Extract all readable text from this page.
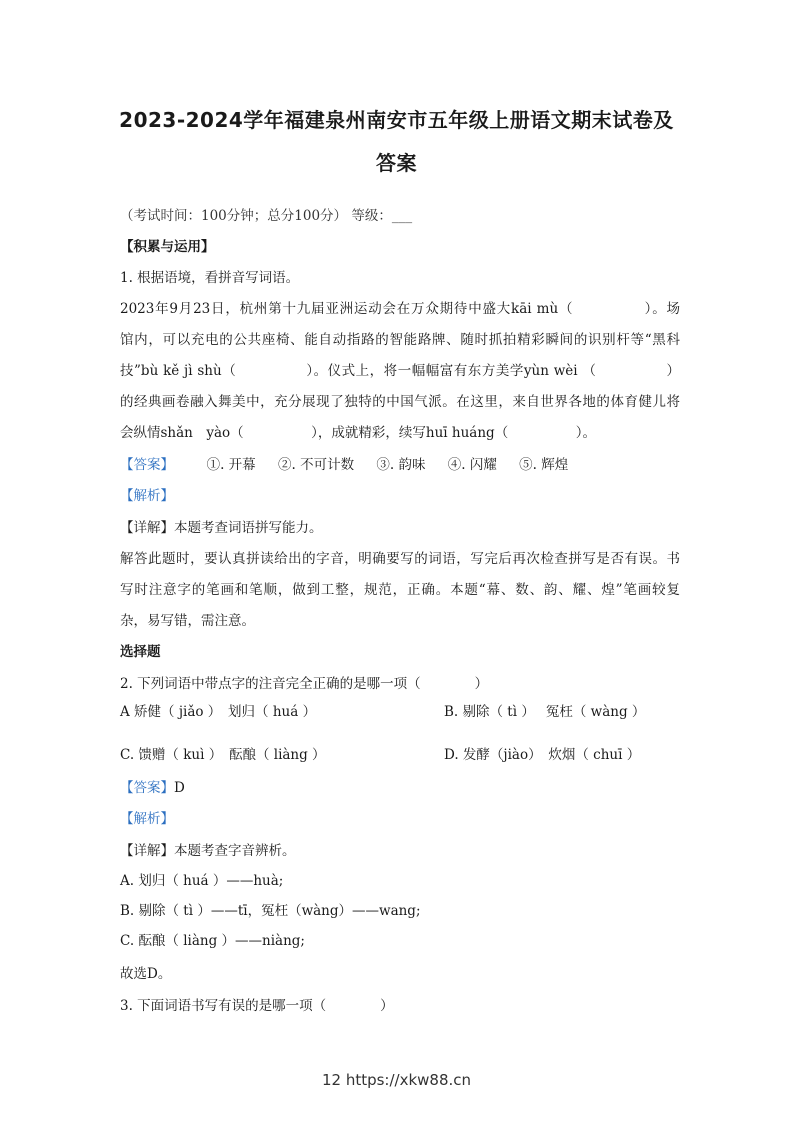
2023-2024学年福建泉州南安市五年级上册语文期末试卷及
答案
（考试时间：100分钟；总分100分） 等级：___
【积累与运用】
1. 根据语境，看拼音写词语。
2023年9月23日，杭州第十九届亚洲运动会在万众期待中盛大kāi mù（　　　　　）。场
馆内，可以充电的公共座椅、能自动指路的智能路牌、随时抓拍精彩瞬间的识别杆等“黑科
技”bù kě jì shù（　　　　　）。仪式上，将一幅幅富有东方美学yùn wèi （　　　　　）
的经典画卷融入舞美中，充分展现了独特的中国气派。在这里，来自世界各地的体育健儿将
会纵情shǎn　yào（　　　　　），成就精彩，续写huī huáng（　　　　　）。
【答案】 ①. 开幕 ②. 不可计数 ③. 韵味 ④. 闪耀 ⑤. 辉煌
【解析】
【详解】本题考查词语拼写能力。
解答此题时，要认真拼读给出的字音，明确要写的词语，写完后再次检查拼写是否有误。书
写时注意字的笔画和笔顺，做到工整，规范，正确。本题“幕、数、韵、耀、煌”笔画较复
杂，易写错，需注意。
选择题
2. 下列词语中带点字的注音完全正确的是哪一项（　　　　）
A 矫健（ jiǎo ）　划归（ huá ）	B. 剔除（ tì ）　 冤枉（ wàng ）
C. 馈赠（ kuì ）　酝酿（ liàng ）	D. 发酵（jiào）　炊烟（ chuī ）
【答案】D
【解析】
【详解】本题考查字音辨析。
A. 划归（ huá ）——huà;
B. 剔除（ tì ）——tī，冤枉（wàng）——wang;
C. 酝酿（ liàng ）——niàng;
故选D。
3. 下面词语书写有误的是哪一项（　　　　）
12 https://xkw88.cn
